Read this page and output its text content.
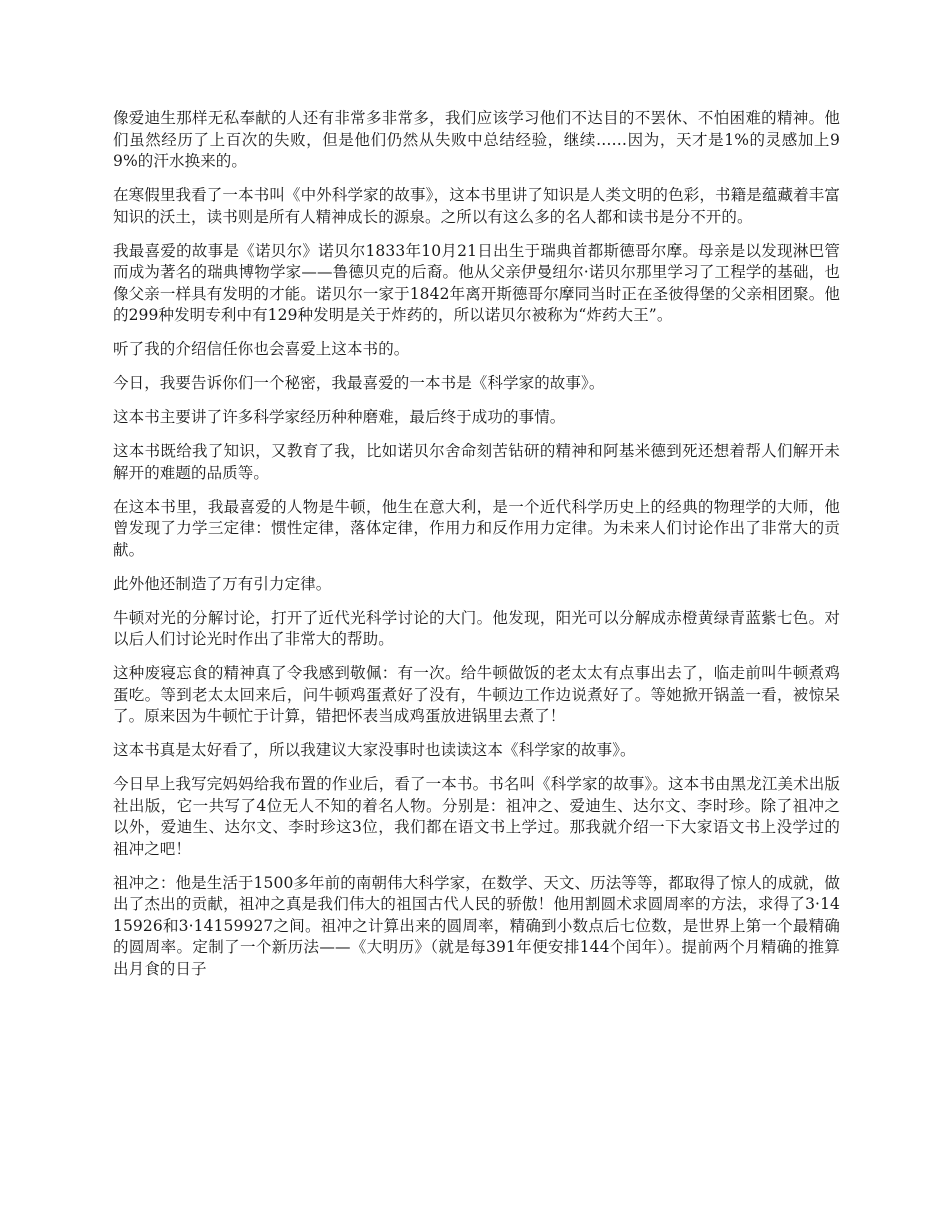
像爱迪生那样无私奉献的人还有非常多非常多，我们应该学习他们不达目的不罢休、不怕困难的精神。他们虽然经历了上百次的失败，但是他们仍然从失败中总结经验，继续……因为，天才是1%的灵感加上99%的汗水换来的。

在寒假里我看了一本书叫《中外科学家的故事》，这本书里讲了知识是人类文明的色彩，书籍是蕴藏着丰富知识的沃土，读书则是所有人精神成长的源泉。之所以有这么多的名人都和读书是分不开的。

我最喜爱的故事是《诺贝尔》诺贝尔1833年10月21日出生于瑞典首都斯德哥尔摩。母亲是以发现淋巴管而成为著名的瑞典博物学家——鲁德贝克的后裔。他从父亲伊曼纽尔·诺贝尔那里学习了工程学的基础，也像父亲一样具有发明的才能。诺贝尔一家于1842年离开斯德哥尔摩同当时正在圣彼得堡的父亲相团聚。他的299种发明专利中有129种发明是关于炸药的，所以诺贝尔被称为“炸药大王”。

听了我的介绍信任你也会喜爱上这本书的。

今日，我要告诉你们一个秘密，我最喜爱的一本书是《科学家的故事》。

这本书主要讲了许多科学家经历种种磨难，最后终于成功的事情。

这本书既给我了知识，又教育了我，比如诺贝尔舍命刻苦钻研的精神和阿基米德到死还想着帮人们解开未解开的难题的品质等。

在这本书里，我最喜爱的人物是牛顿，他生在意大利，是一个近代科学历史上的经典的物理学的大师，他曾发现了力学三定律：惯性定律，落体定律，作用力和反作用力定律。为未来人们讨论作出了非常大的贡献。

此外他还制造了万有引力定律。

牛顿对光的分解讨论，打开了近代光科学讨论的大门。他发现，阳光可以分解成赤橙黄绿青蓝紫七色。对以后人们讨论光时作出了非常大的帮助。

这种废寝忘食的精神真了令我感到敬佩：有一次。给牛顿做饭的老太太有点事出去了，临走前叫牛顿煮鸡蛋吃。等到老太太回来后，问牛顿鸡蛋煮好了没有，牛顿边工作边说煮好了。等她掀开锅盖一看，被惊呆了。原来因为牛顿忙于计算，错把怀表当成鸡蛋放进锅里去煮了！

这本书真是太好看了，所以我建议大家没事时也读读这本《科学家的故事》。

今日早上我写完妈妈给我布置的作业后，看了一本书。书名叫《科学家的故事》。这本书由黑龙江美术出版社出版，它一共写了4位无人不知的着名人物。分别是：祖冲之、爱迪生、达尔文、李时珍。除了祖冲之以外，爱迪生、达尔文、李时珍这3位，我们都在语文书上学过。那我就介绍一下大家语文书上没学过的祖冲之吧！

祖冲之：他是生活于1500多年前的南朝伟大科学家，在数学、天文、历法等等，都取得了惊人的成就，做出了杰出的贡献，祖冲之真是我们伟大的祖国古代人民的骄傲！他用割圆术求圆周率的方法，求得了3·1415926和3·14159927之间。祖冲之计算出来的圆周率，精确到小数点后七位数，是世界上第一个最精确的圆周率。定制了一个新历法——《大明历》（就是每391年便安排144个闰年）。提前两个月精确的推算出月食的日子
